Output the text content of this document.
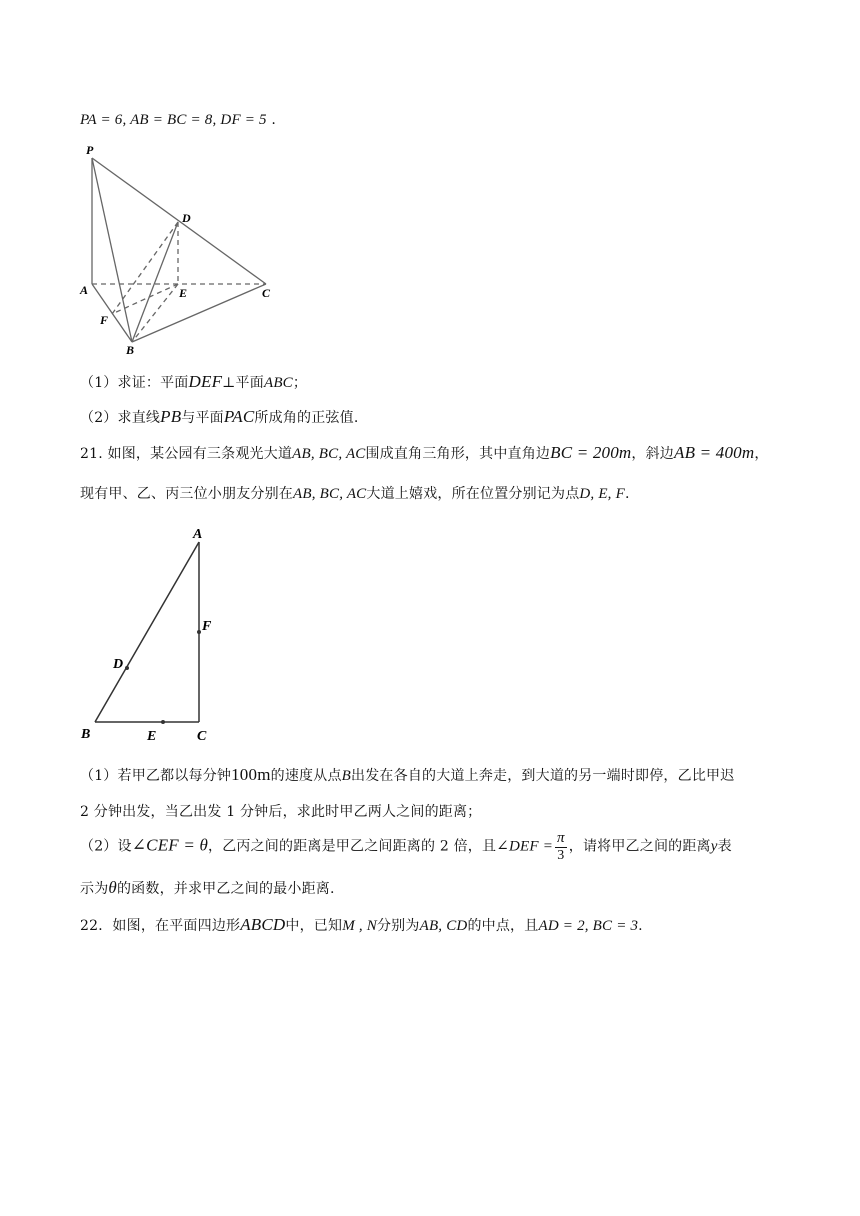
PA = 6, AB = BC = 8, DF = 5 .
P
D
A	E	C
F
B
（1）求证：平面DEF⊥平面ABC；
（2）求直线PB与平面PAC所成角的正弦值.
21. 如图，某公园有三条观光大道AB, BC, AC围成直角三角形，其中直角边BC = 200m，斜边AB = 400m，
现有甲、乙、丙三位小朋友分别在AB, BC, AC大道上嬉戏，所在位置分别记为点D, E, F.
A
F
D
B	E	C
（1）若甲乙都以每分钟100m的速度从点B出发在各自的大道上奔走，到大道的另一端时即停，乙比甲迟
2 分钟出发，当乙出发 1 分钟后，求此时甲乙两人之间的距离；
（2）设∠CEF = θ，乙丙之间的距离是甲乙之间距离的 2 倍，且∠DEF = $\frac{\pi}{3}$ ，请将甲乙之间的距离y表
示为θ的函数，并求甲乙之间的最小距离.
22．如图，在平面四边形ABCD中，已知M , N分别为AB, CD的中点，且AD = 2, BC = 3.
